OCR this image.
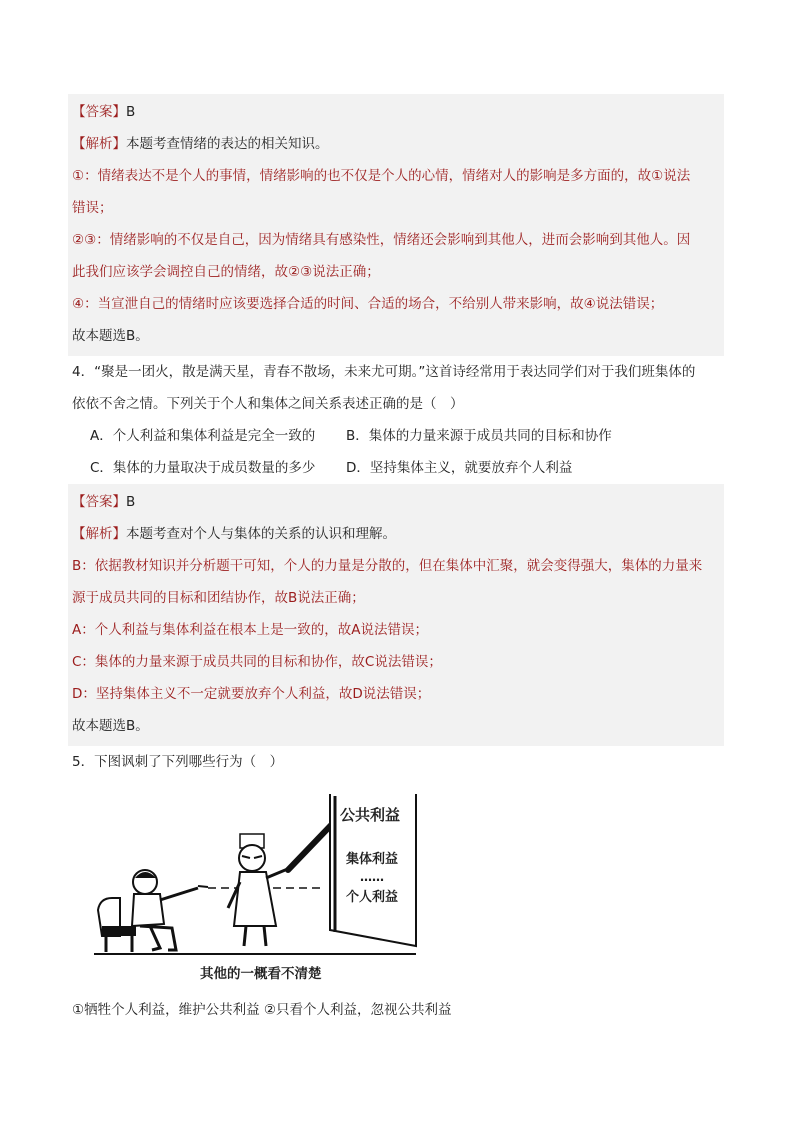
【答案】B
【解析】本题考查情绪的表达的相关知识。
①：情绪表达不是个人的事情，情绪影响的也不仅是个人的心情，情绪对人的影响是多方面的，故①说法
错误；
②③：情绪影响的不仅是自己，因为情绪具有感染性，情绪还会影响到其他人，进而会影响到其他人。因
此我们应该学会调控自己的情绪，故②③说法正确；
④：当宣泄自己的情绪时应该要选择合适的时间、合适的场合，不给别人带来影响，故④说法错误；
故本题选B。
4．“聚是一团火，散是满天星，青春不散场，未来尤可期。”这首诗经常用于表达同学们对于我们班集体的
依依不舍之情。下列关于个人和集体之间关系表述正确的是（　）
A．个人利益和集体利益是完全一致的	B．集体的力量来源于成员共同的目标和协作
C．集体的力量取决于成员数量的多少	D．坚持集体主义，就要放弃个人利益
【答案】B
【解析】本题考查对个人与集体的关系的认识和理解。
B：依据教材知识并分析题干可知，个人的力量是分散的，但在集体中汇聚，就会变得强大，集体的力量来
源于成员共同的目标和团结协作，故B说法正确；
A：个人利益与集体利益在根本上是一致的，故A说法错误；
C：集体的力量来源于成员共同的目标和协作，故C说法错误；
D：坚持集体主义不一定就要放弃个人利益，故D说法错误；
故本题选B。
5．下图讽刺了下列哪些行为（　）
公共利益
集体利益
……
个人利益
其他的一概看不清楚
①牺牲个人利益，维护公共利益 ②只看个人利益，忽视公共利益
